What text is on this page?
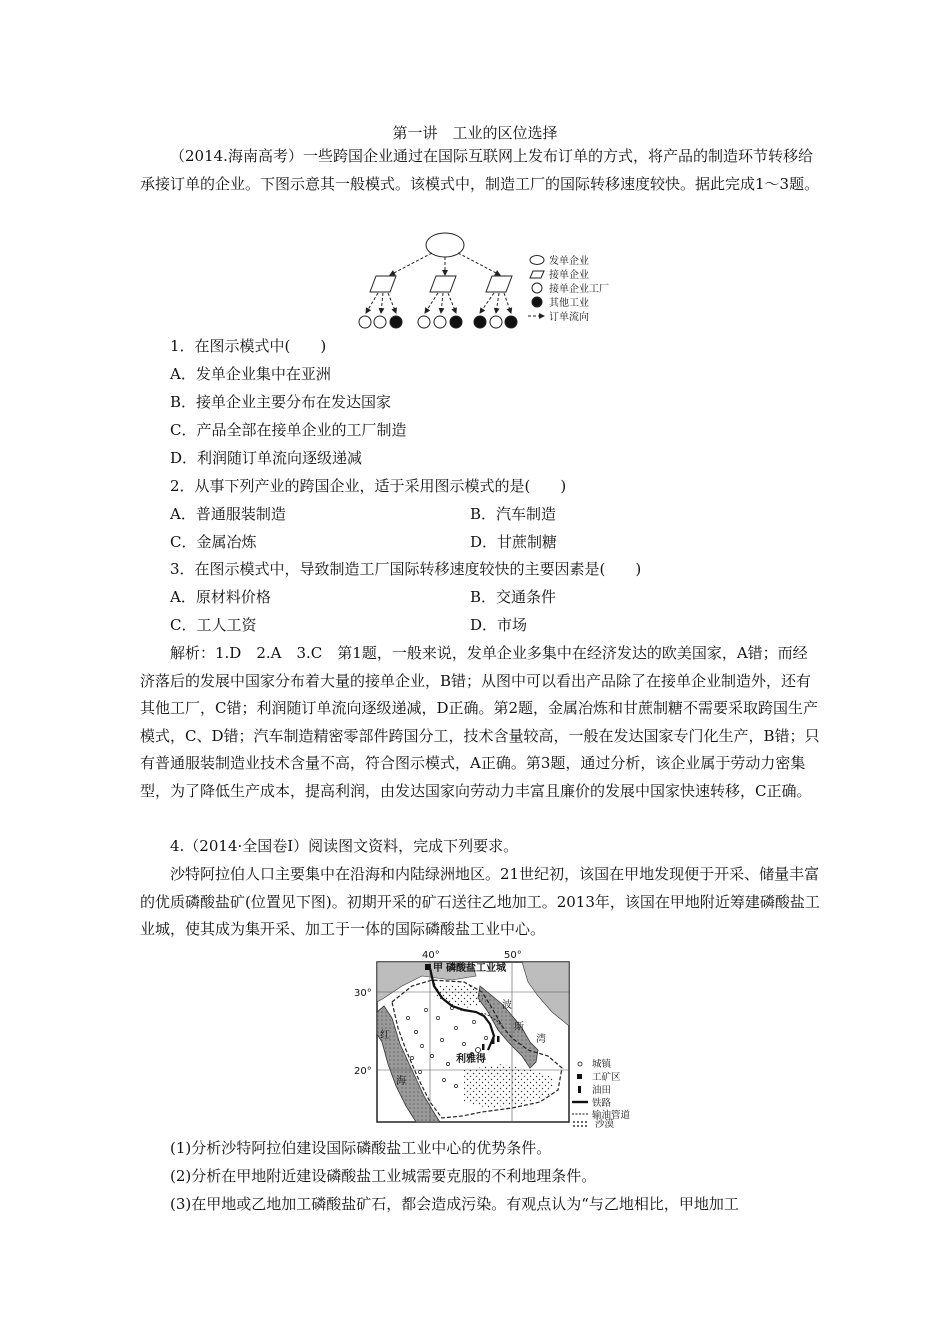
第一讲　工业的区位选择

（2014.海南高考）一些跨国企业通过在国际互联网上发布订单的方式，将产品的制造环节转移给承接订单的企业。下图示意其一般模式。该模式中，制造工厂的国际转移速度较快。据此完成1～3题。

发单企业
接单企业
接单企业工厂
其他工业
订单流向
1．在图示模式中(　　)
A．发单企业集中在亚洲
B．接单企业主要分布在发达国家
C．产品全部在接单企业的工厂制造
D．利润随订单流向逐级递减
2．从事下列产业的跨国企业，适于采用图示模式的是(　　)
A．普通服装制造	B．汽车制造
C．金属冶炼	D．甘蔗制糖
3．在图示模式中，导致制造工厂国际转移速度较快的主要因素是(　　)
A．原材料价格	B．交通条件
C．工人工资	D．市场

解析：1.D　2.A　3.C　第1题，一般来说，发单企业多集中在经济发达的欧美国家，A错；而经济落后的发展中国家分布着大量的接单企业，B错；从图中可以看出产品除了在接单企业制造外，还有其他工厂，C错；利润随订单流向逐级递减，D正确。第2题，金属冶炼和甘蔗制糖不需要采取跨国生产模式，C、D错；汽车制造精密零部件跨国分工，技术含量较高，一般在发达国家专门化生产，B错；只有普通服装制造业技术含量不高，符合图示模式，A正确。第3题，通过分析，该企业属于劳动力密集型，为了降低生产成本，提高利润，由发达国家向劳动力丰富且廉价的发展中国家快速转移，C正确。

4.（2014·全国卷Ⅰ）阅读图文资料，完成下列要求。

沙特阿拉伯人口主要集中在沿海和内陆绿洲地区。21世纪初，该国在甲地发现便于开采、储量丰富的优质磷酸盐矿(位置见下图)。初期开采的矿石送往乙地加工。2013年，该国在甲地附近筹建磷酸盐工业城，使其成为集开采、加工于一体的国际磷酸盐工业中心。

40°	50°
30°
20°
甲 磷酸盐工业城
红
海
波
斯
湾
利雅得	城镇
工矿区
油田
铁路
输油管道
沙漠
(1)分析沙特阿拉伯建设国际磷酸盐工业中心的优势条件。
(2)分析在甲地附近建设磷酸盐工业城需要克服的不利地理条件。
(3)在甲地或乙地加工磷酸盐矿石，都会造成污染。有观点认为“与乙地相比，甲地加工
